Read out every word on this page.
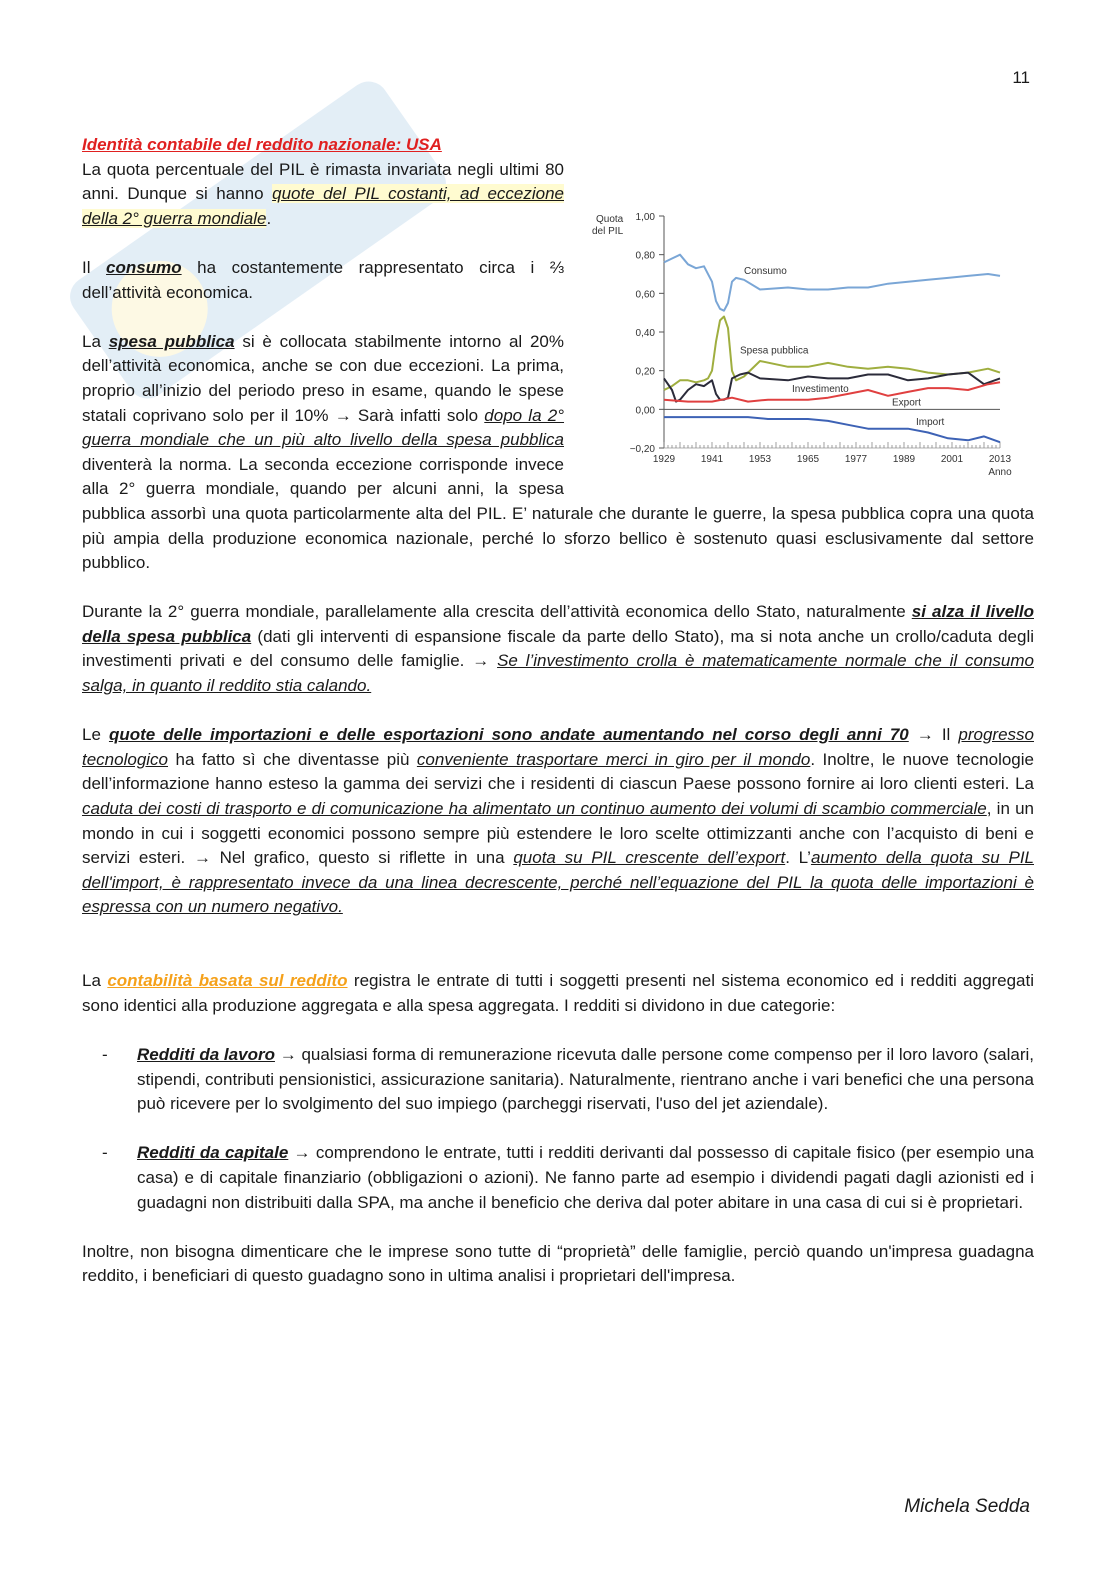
11
Identità contabile del reddito nazionale: USA
Quota
del PIL
1,00
0,80
0,60
0,40
0,20
0,00
−0,20
1929	1941	1953	1965	1977	1989	2001	2013
Anno
Consumo
Spesa pubblica
Investimento
Export
Import

La quota percentuale del PIL è rimasta invariata negli ultimi 80 anni. Dunque si hanno quote del PIL costanti, ad eccezione della 2° guerra mondiale.

Il consumo ha costantemente rappresentato circa i ⅔ dell’attività economica.

La spesa pubblica si è collocata stabilmente intorno al 20% dell’attività economica, anche se con due eccezioni. La prima, proprio all’inizio del periodo preso in esame, quando le spese statali coprivano solo per il 10% → Sarà infatti solo dopo la 2° guerra mondiale che un più alto livello della spesa pubblica diventerà la norma. La seconda eccezione corrisponde invece alla 2° guerra mondiale, quando per alcuni anni, la spesa pubblica assorbì una quota particolarmente alta del PIL. E’ naturale che durante le guerre, la spesa pubblica copra una quota più ampia della produzione economica nazionale, perché lo sforzo bellico è sostenuto quasi esclusivamente dal settore pubblico.

Durante la 2° guerra mondiale, parallelamente alla crescita dell’attività economica dello Stato, naturalmente si alza il livello della spesa pubblica (dati gli interventi di espansione fiscale da parte dello Stato), ma si nota anche un crollo/caduta degli investimenti privati e del consumo delle famiglie. → Se l’investimento crolla è matematicamente normale che il consumo salga, in quanto il reddito stia calando.

Le quote delle importazioni e delle esportazioni sono andate aumentando nel corso degli anni 70 → Il progresso tecnologico ha fatto sì che diventasse più conveniente trasportare merci in giro per il mondo. Inoltre, le nuove tecnologie dell’informazione hanno esteso la gamma dei servizi che i residenti di ciascun Paese possono fornire ai loro clienti esteri. La caduta dei costi di trasporto e di comunicazione ha alimentato un continuo aumento dei volumi di scambio commerciale, in un mondo in cui i soggetti economici possono sempre più estendere le loro scelte ottimizzanti anche con l’acquisto di beni e servizi esteri. → Nel grafico, questo si riflette in una quota su PIL crescente dell’export. L’aumento della quota su PIL dell'import, è rappresentato invece da una linea decrescente, perché nell’equazione del PIL la quota delle importazioni è espressa con un numero negativo.

La contabilità basata sul reddito registra le entrate di tutti i soggetti presenti nel sistema economico ed i redditi aggregati sono identici alla produzione aggregata e alla spesa aggregata. I redditi si dividono in due categorie:

- Redditi da lavoro → qualsiasi forma di remunerazione ricevuta dalle persone come compenso per il loro lavoro (salari, stipendi, contributi pensionistici, assicurazione sanitaria). Naturalmente, rientrano anche i vari benefici che una persona può ricevere per lo svolgimento del suo impiego (parcheggi riservati, l'uso del jet aziendale).
- Redditi da capitale → comprendono le entrate, tutti i redditi derivanti dal possesso di capitale fisico (per esempio una casa) e di capitale finanziario (obbligazioni o azioni). Ne fanno parte ad esempio i dividendi pagati dagli azionisti ed i guadagni non distribuiti dalla SPA, ma anche il beneficio che deriva dal poter abitare in una casa di cui si è proprietari.

Inoltre, non bisogna dimenticare che le imprese sono tutte di “proprietà” delle famiglie, perciò quando un'impresa guadagna reddito, i beneficiari di questo guadagno sono in ultima analisi i proprietari dell'impresa.

Michela Sedda
